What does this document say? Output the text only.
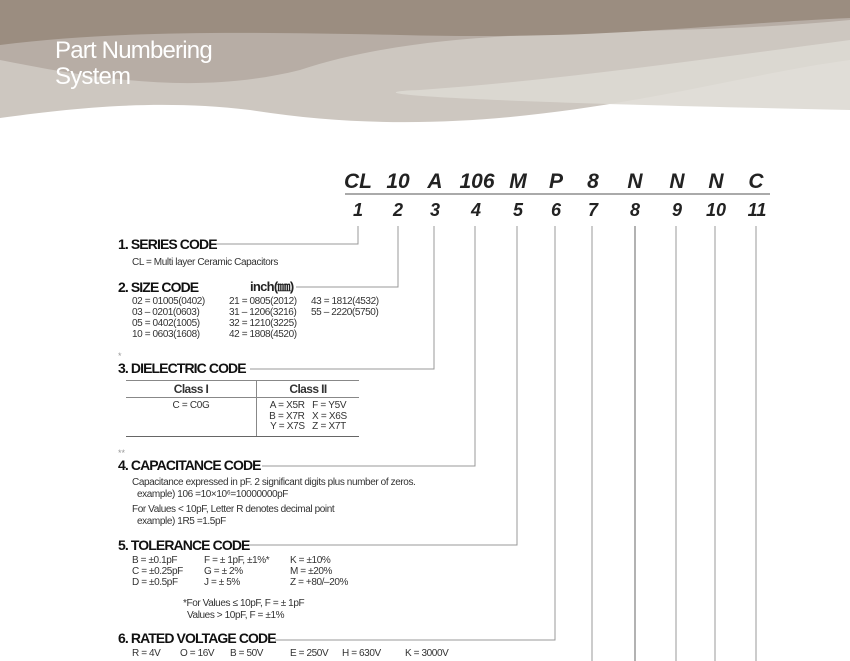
Part Numbering
System
CL 10 A 106 M P 8 N N N C
1 2 3 4 5 6 7 8 9 10 11
1. SERIES CODE
CL = Multi layer Ceramic Capacitors
2. SIZE CODE	inch(㎜)
02 = 01005(0402) 21 = 0805(2012) 43 = 1812(4532)
03 – 0201(0603)	31 – 1206(3216) 55 – 2220(5750)
05 = 0402(1005)	32 = 1210(3225)
10 = 0603(1608)	42 = 1808(4520)
*
3. DIELECTRIC CODE
Class I	Class II
C = C0G	A = X5R   F = Y5V
B = X7R   X = X6S
Y = X7S   Z = X7T
**
4. CAPACITANCE CODE
Capacitance expressed in pF. 2 significant digits plus number of zeros.
example) 106 =10×10⁶=10000000pF
For Values < 10pF, Letter R denotes decimal point
example) 1R5 =1.5pF
5. TOLERANCE CODE
B = ±0.1pF	F = ± 1pF, ±1%* K = ±10%
C = ±0.25pF G = ± 2%	M = ±20%
D = ±0.5pF	J = ± 5%	Z = +80/–20%
*For Values ≤ 10pF, F = ± 1pF
Values > 10pF, F = ±1%
6. RATED VOLTAGE CODE
R = 4V O = 16V B = 50V	E = 250V H = 630V K = 3000V
